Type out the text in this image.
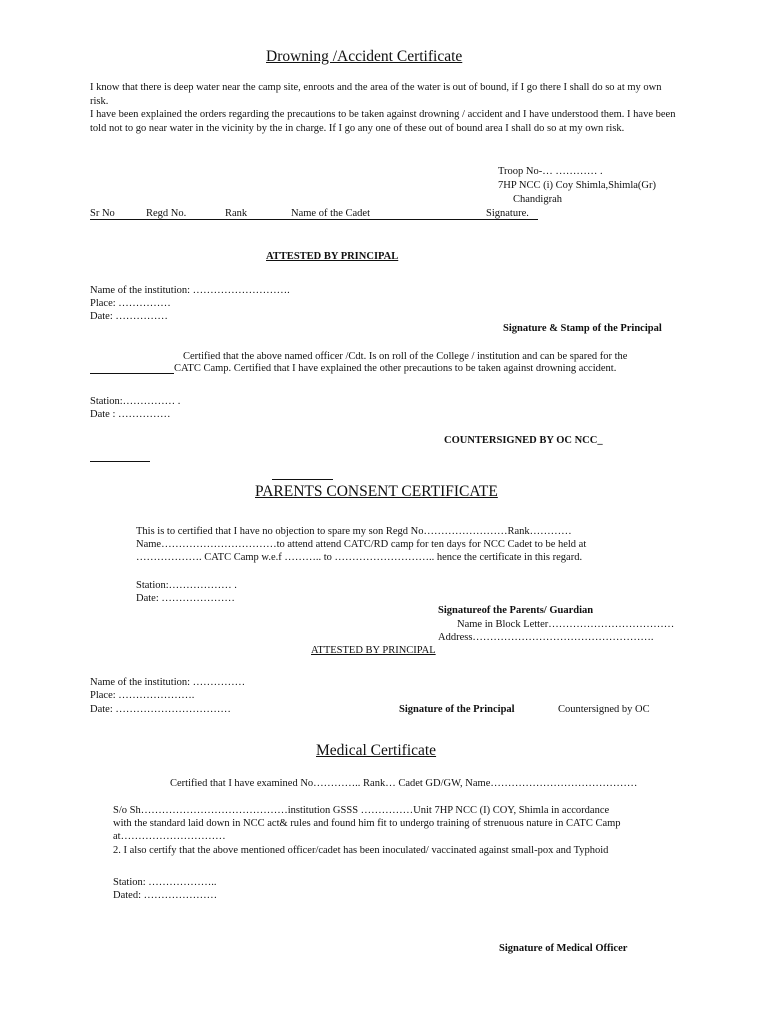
Drowning /Accident Certificate
I know that there is deep water near the camp site, enroots and the area of the water is out of bound, if I go there I shall do so at my own risk.
I have been explained the orders regarding the precautions to be taken against drowning / accident and I have understood them. I have been told not to go near water in the vicinity by the in charge. If I go any one of these out of bound area I shall do so at my own risk.
Troop No-… ………… .
7HP NCC (i) Coy Shimla,Shimla(Gr)
Chandigrah
Sr No	Regd No.	Rank	Name of the Cadet	Signature.
ATTESTED BY PRINCIPAL
Name of the institution: ……………………….
Place: ……………
Date: ……………
Signature & Stamp of the Principal
Certified that the above named officer /Cdt. Is on roll of the College / institution and can be spared for the
CATC Camp. Certified that I have explained the other precautions to be taken against drowning accident.
Station:…………… .
Date : ……………
COUNTERSIGNED BY OC NCC_
PARENTS CONSENT CERTIFICATE
This is to certified that I have no objection to spare my son Regd No……………………Rank…………
Name……………………………to attend attend CATC/RD camp for ten days for NCC Cadet to be held at
………………. CATC Camp w.e.f ……….. to ……………………….. hence the certificate in this regard.
Station:……………… .
Date: …………………
Signatureof the Parents/ Guardian
Name in Block Letter………………………………
Address…………………………………………….
ATTESTED BY PRINCIPAL
Name of the institution: ……………
Place: ………………….
Date: ……………………………	Signature of the Principal	Countersigned by OC
Medical Certificate
Certified that I have examined No………….. Rank… Cadet GD/GW, Name……………………………………
S/o Sh……………………………………institution GSSS ……………Unit 7HP NCC (I) COY, Shimla in accordance
with the standard laid down in NCC act& rules and found him fit to undergo training of strenuous nature in CATC Camp
at…………………………
2. I also certify that the above mentioned officer/cadet has been inoculated/ vaccinated against small-pox and Typhoid
Station: ………………..
Dated: …………………
Signature of Medical Officer
